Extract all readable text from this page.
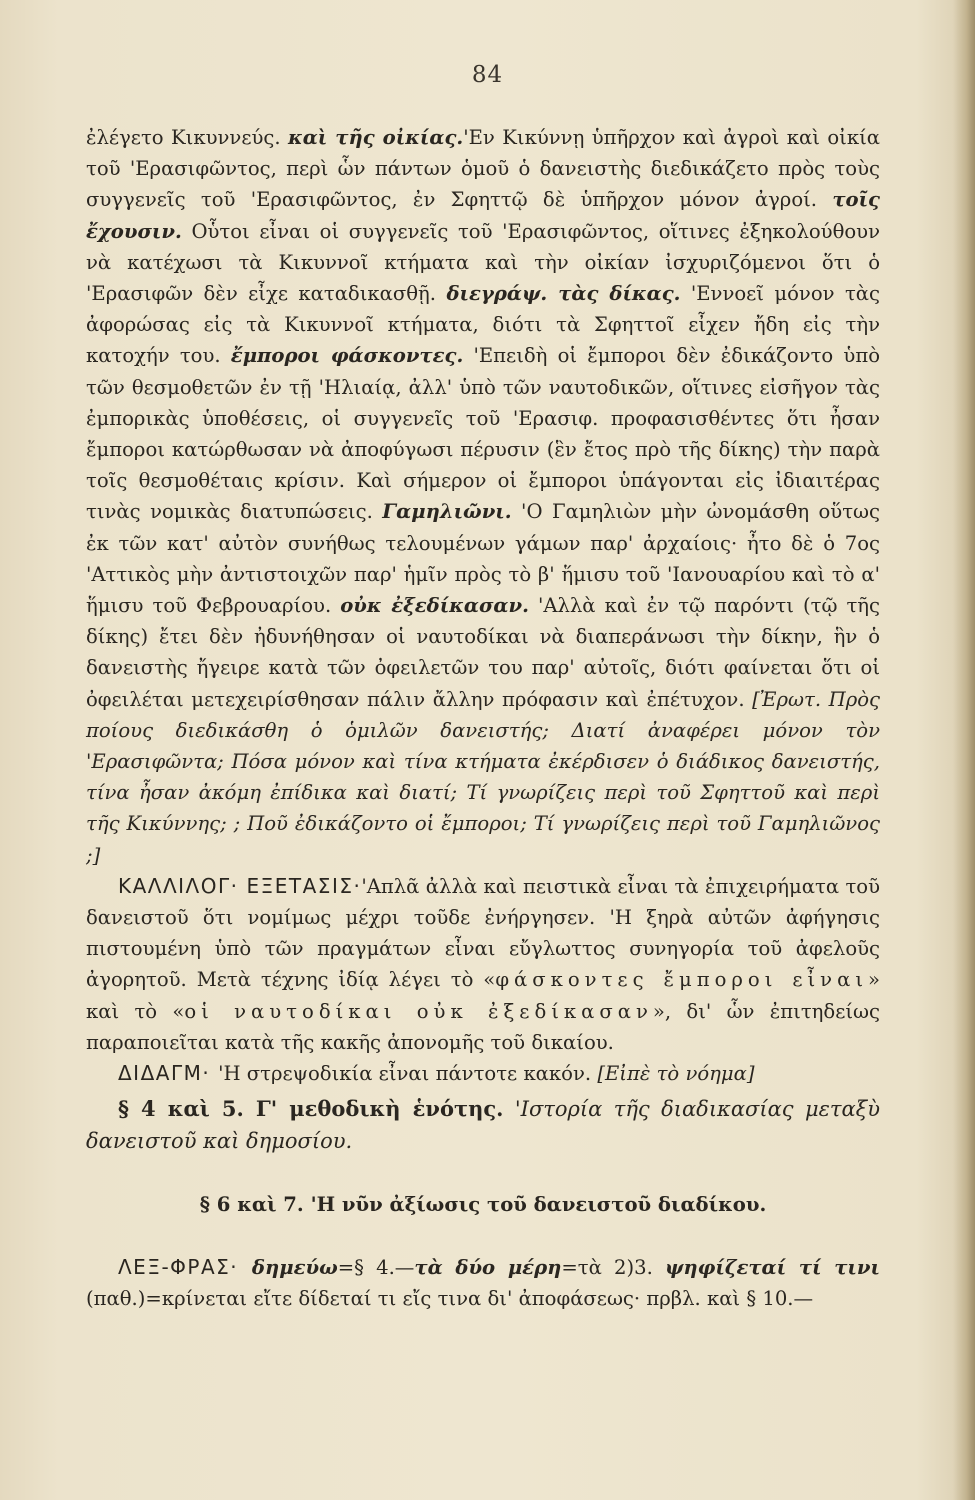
84

ἐλέγετο Κικυννεύς. καὶ τῆς οἰκίας.'Εν Κικύννῃ ὑπῆρχον καὶ ἀγροὶ καὶ οἰκία τοῦ 'Ερασιφῶντος, περὶ ὧν πάντων ὁμοῦ ὁ δανειστὴς διεδικάζετο πρὸς τοὺς συγγενεῖς τοῦ 'Ερασιφῶντος, ἐν Σφηττῷ δὲ ὑπῆρχον μόνον ἀγροί. τοῖς ἔχουσιν. Οὗτοι εἶναι οἱ συγγενεῖς τοῦ 'Ερασιφῶντος, οἵτινες ἐξηκολούθουν νὰ κατέχωσι τὰ Κικυννοῖ κτήματα καὶ τὴν οἰκίαν ἰσχυριζόμενοι ὅτι ὁ 'Ερασιφῶν δὲν εἶχε καταδικασθῇ. διεγράψ. τὰς δίκας. 'Εννοεῖ μόνον τὰς ἀφορώσας εἰς τὰ Κικυννοῖ κτήματα, διότι τὰ Σφηττοῖ εἶχεν ἤδη εἰς τὴν κατοχήν του. ἔμποροι φάσκοντες. 'Επειδὴ οἱ ἔμποροι δὲν ἐδικάζοντο ὑπὸ τῶν θεσμοθετῶν ἐν τῇ 'Ηλιαίᾳ, ἀλλ' ὑπὸ τῶν ναυτοδικῶν, οἵτινες εἰσῆγον τὰς ἐμπορικὰς ὑποθέσεις, οἱ συγγενεῖς τοῦ 'Ερασιφ. προφασισθέντες ὅτι ἦσαν ἔμποροι κατώρθωσαν νὰ ἀποφύγωσι πέρυσιν (ἓν ἔτος πρὸ τῆς δίκης) τὴν παρὰ τοῖς θεσμοθέταις κρίσιν. Καὶ σήμερον οἱ ἔμποροι ὑπάγονται εἰς ἰδιαιτέρας τινὰς νομικὰς διατυπώσεις. Γαμηλιῶνι. 'Ο Γαμηλιὼν μὴν ὠνομάσθη οὕτως ἐκ τῶν κατ' αὐτὸν συνήθως τελουμένων γάμων παρ' ἀρχαίοις· ἦτο δὲ ὁ 7ος 'Αττικὸς μὴν ἀντιστοιχῶν παρ' ἡμῖν πρὸς τὸ β' ἥμισυ τοῦ 'Ιανουαρίου καὶ τὸ α' ἥμισυ τοῦ Φεβρουαρίου. οὐκ ἐξεδίκασαν. 'Αλλὰ καὶ ἐν τῷ παρόντι (τῷ τῆς δίκης) ἔτει δὲν ἠδυνήθησαν οἱ ναυτοδίκαι νὰ διαπεράνωσι τὴν δίκην, ἣν ὁ δανειστὴς ἤγειρε κατὰ τῶν ὀφειλετῶν του παρ' αὐτοῖς, διότι φαίνεται ὅτι οἱ ὀφειλέται μετεχειρίσθησαν πάλιν ἄλλην πρόφασιν καὶ ἐπέτυχον. [Ἐρωτ. Πρὸς ποίους διεδικάσθη ὁ ὁμιλῶν δανειστής; Διατί ἀναφέρει μόνον τὸν 'Ερασιφῶντα; Πόσα μόνον καὶ τίνα κτήματα ἐκέρδισεν ὁ διάδικος δανειστής, τίνα ἦσαν ἀκόμη ἐπίδικα καὶ διατί; Τί γνωρίζεις περὶ τοῦ Σφηττοῦ καὶ περὶ τῆς Κικύννης; ; Ποῦ ἐδικάζοντο οἱ ἔμποροι; Τί γνωρίζεις περὶ τοῦ Γαμηλιῶνος ;]

ΚΑΛΛΙΛΟΓ· ΕΞΕΤΑΣΙΣ·'Απλᾶ ἀλλὰ καὶ πειστικὰ εἶναι τὰ ἐπιχειρήματα τοῦ δανειστοῦ ὅτι νομίμως μέχρι τοῦδε ἐνήργησεν. 'Η ξηρὰ αὐτῶν ἀφήγησις πιστουμένη ὑπὸ τῶν πραγμάτων εἶναι εὔγλωττος συνηγορία τοῦ ἀφελοῦς ἀγορητοῦ. Μετὰ τέχνης ἰδίᾳ λέγει τὸ «φάσκοντες ἔμποροι εἶναι» καὶ τὸ «οἱ ναυτοδίκαι οὐκ ἐξεδίκασαν», δι' ὧν ἐπιτηδείως παραποιεῖται κατὰ τῆς κακῆς ἀπονομῆς τοῦ δικαίου.

ΔΙΔΑΓΜ· 'Η στρεψοδικία εἶναι πάντοτε κακόν. [Εἰπὲ τὸ νόημα]

§ 4 καὶ 5. Γ' μεθοδικὴ ἑνότης. 'Ιστορία τῆς διαδικασίας μεταξὺ δανειστοῦ καὶ δημοσίου.

§ 6 καὶ 7. 'Η νῦν ἀξίωσις τοῦ δανειστοῦ διαδίκου.

ΛΕΞ-ΦΡΑΣ· δημεύω=§ 4.—τὰ δύο μέρη=τὰ 2)3. ψηφίζεταί τί τινι (παθ.)=κρίνεται εἴτε δίδεταί τι εἴς τινα δι' ἀποφάσεως· πρβλ. καὶ § 10.—
